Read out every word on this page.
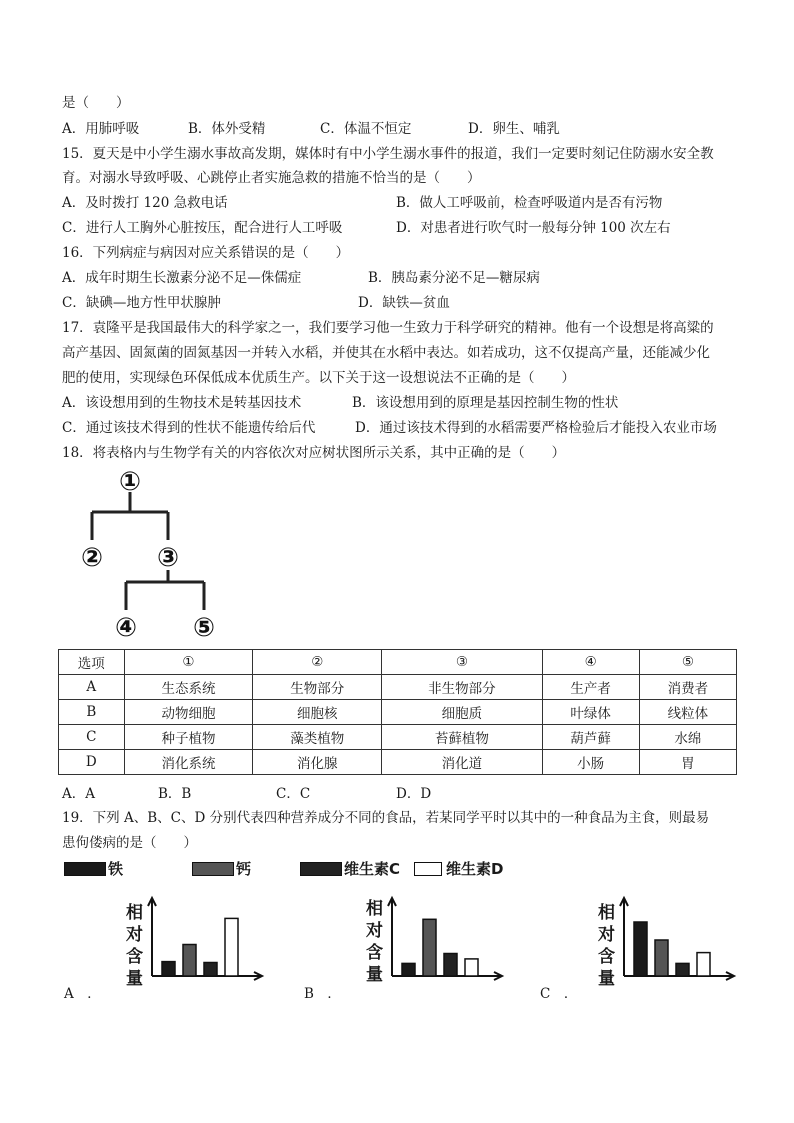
是（　　）
A．用肺呼吸	B．体外受精	C．体温不恒定	D．卵生、哺乳
15．夏天是中小学生溺水事故高发期，媒体时有中小学生溺水事件的报道，我们一定要时刻记住防溺水安全教
育。对溺水导致呼吸、心跳停止者实施急救的措施不恰当的是（　　）
A．及时拨打 120 急救电话	B．做人工呼吸前，检查呼吸道内是否有污物
C．进行人工胸外心脏按压，配合进行人工呼吸	D．对患者进行吹气时一般每分钟 100 次左右
16．下列病症与病因对应关系错误的是（　　）
A．成年时期生长激素分泌不足—侏儒症	B．胰岛素分泌不足—糖尿病
C．缺碘—地方性甲状腺肿	D．缺铁—贫血
17．袁隆平是我国最伟大的科学家之一，我们要学习他一生致力于科学研究的精神。他有一个设想是将高粱的
高产基因、固氮菌的固氮基因一并转入水稻，并使其在水稻中表达。如若成功，这不仅提高产量，还能减少化
肥的使用，实现绿色环保低成本优质生产。以下关于这一设想说法不正确的是（　　）
A．该设想用到的生物技术是转基因技术	B．该设想用到的原理是基因控制生物的性状
C．通过该技术得到的性状不能遗传给后代	D．通过该技术得到的水稻需要严格检验后才能投入农业市场
18．将表格内与生物学有关的内容依次对应树状图所示关系，其中正确的是（　　）
①
② ③
④ ⑤
选项	①	②	③	④	⑤
A	生态系统	生物部分	非生物部分	生产者	消费者
B	动物细胞	细胞核	细胞质	叶绿体	线粒体
C	种子植物	藻类植物	苔藓植物	葫芦藓	水绵
D	消化系统	消化腺	消化道	小肠	胃
A．A	B．B	C．C	D．D
19．下列 A、B、C、D 分别代表四种营养成分不同的食品，若某同学平时以其中的一种食品为主食，则最易
患佝偻病的是（　　）
铁	钙	维生素C	维生素D
相
对
含
量
A　．
相
对
含
量
B　．
相
对
含
量
C　．
